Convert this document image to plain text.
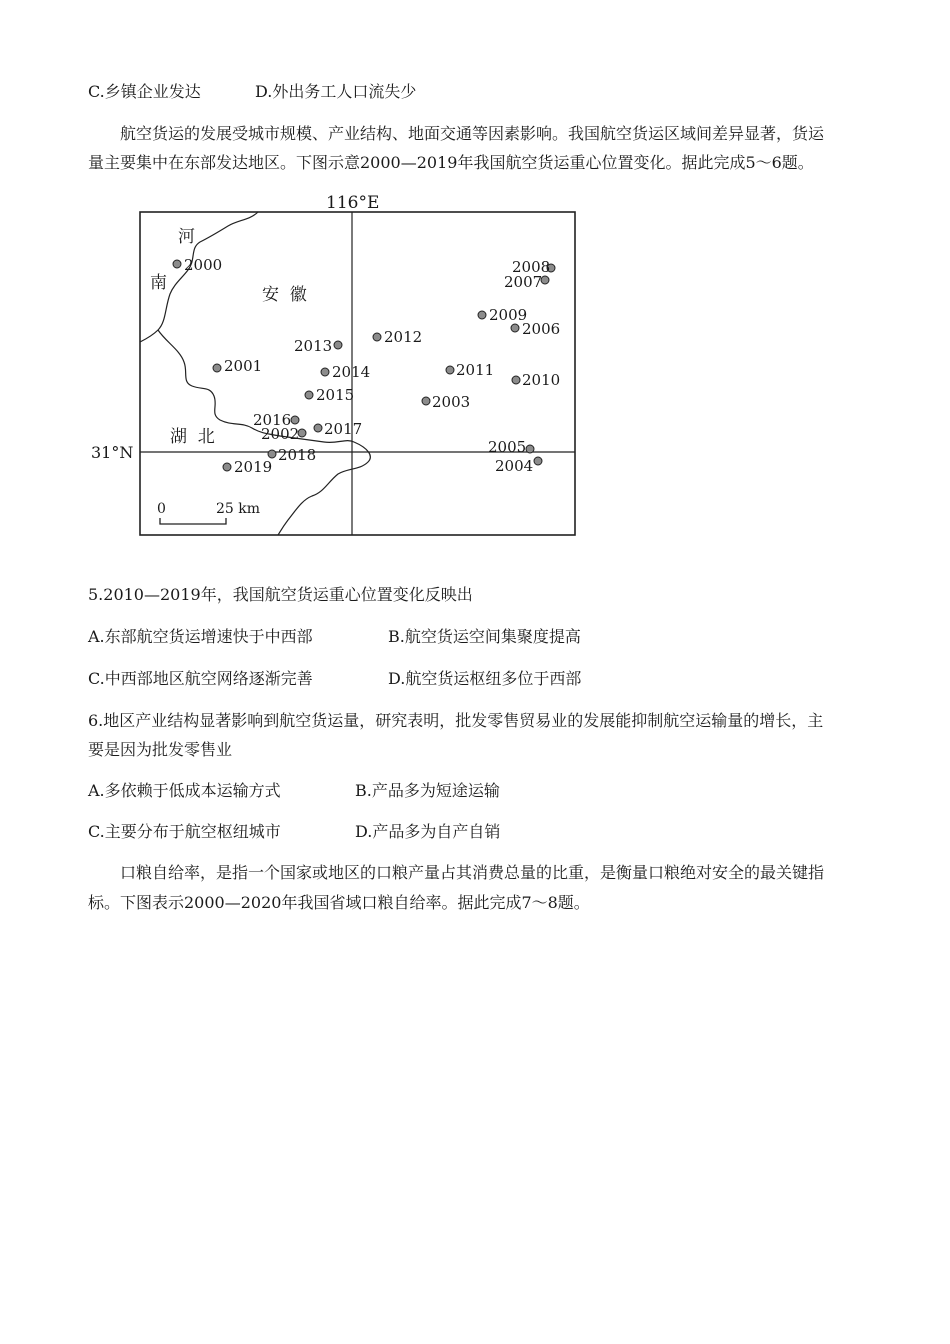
C.乡镇企业发达	D.外出务工人口流失少
航空货运的发展受城市规模、产业结构、地面交通等因素影响。我国航空货运区域间差异显著，货运
量主要集中在东部发达地区。下图示意2000—2019年我国航空货运重心位置变化。据此完成5～6题。
河
南
安  徽
湖  北
116°E
0	25 km
2000
2001
2002
2003
2004
2005
2006
2007
2008
2009
2010
2011
2012
2013
2014
2015
2016 2017
2018
2019
31°N
5.2010—2019年，我国航空货运重心位置变化反映出
A.东部航空货运增速快于中西部	B.航空货运空间集聚度提高
C.中西部地区航空网络逐渐完善	D.航空货运枢纽多位于西部
6.地区产业结构显著影响到航空货运量，研究表明，批发零售贸易业的发展能抑制航空运输量的增长，主
要是因为批发零售业
A.多依赖于低成本运输方式	B.产品多为短途运输
C.主要分布于航空枢纽城市	D.产品多为自产自销
口粮自给率，是指一个国家或地区的口粮产量占其消费总量的比重，是衡量口粮绝对安全的最关键指
标。下图表示2000—2020年我国省域口粮自给率。据此完成7～8题。
